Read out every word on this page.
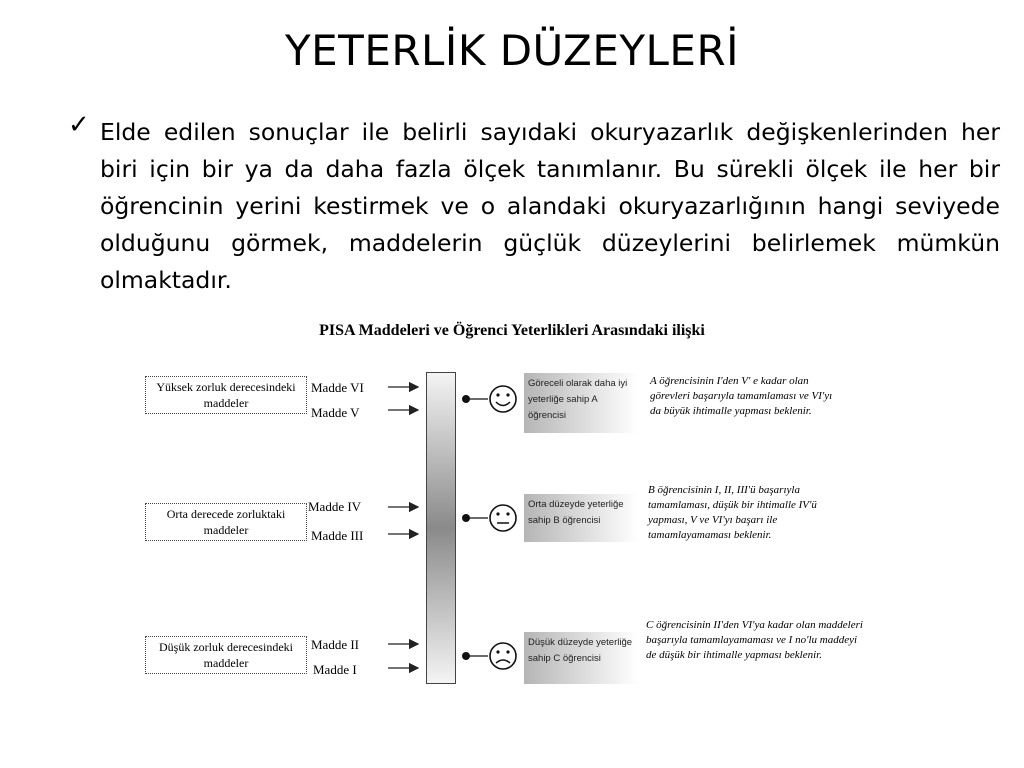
YETERLİK DÜZEYLERİ
✓ Elde edilen sonuçlar ile belirli sayıdaki okuryazarlık değişkenlerinden her biri için bir ya da daha fazla ölçek tanımlanır. Bu sürekli ölçek ile her bir öğrencinin yerini kestirmek ve o alandaki okuryazarlığının hangi seviyede olduğunu görmek, maddelerin güçlük düzeylerini belirlemek mümkün olmaktadır.
PISA Maddeleri ve Öğrenci Yeterlikleri Arasındaki ilişki
Yüksek zorluk derecesindeki maddeler
Orta derecede zorluktaki maddeler
Düşük zorluk derecesindeki maddeler
Madde VI
Madde V
Madde IV
Madde III
Madde II
Madde I
Göreceli olarak daha iyi yeterliğe sahip A öğrencisi
Orta düzeyde yeterliğe sahip B öğrencisi
Düşük düzeyde yeterliğe sahip C öğrencisi
A öğrencisinin I'den V' e kadar olan görevleri başarıyla tamamlaması ve VI'yı da büyük ihtimalle yapması beklenir.
B öğrencisinin I, II, III'ü başarıyla tamamlaması, düşük bir ihtimalle IV'ü yapması, V ve VI'yı başarı ile tamamlayamaması beklenir.
C öğrencisinin II'den VI'ya kadar olan maddeleri başarıyla tamamlayamaması ve I no'lu maddeyi de düşük bir ihtimalle yapması beklenir.
